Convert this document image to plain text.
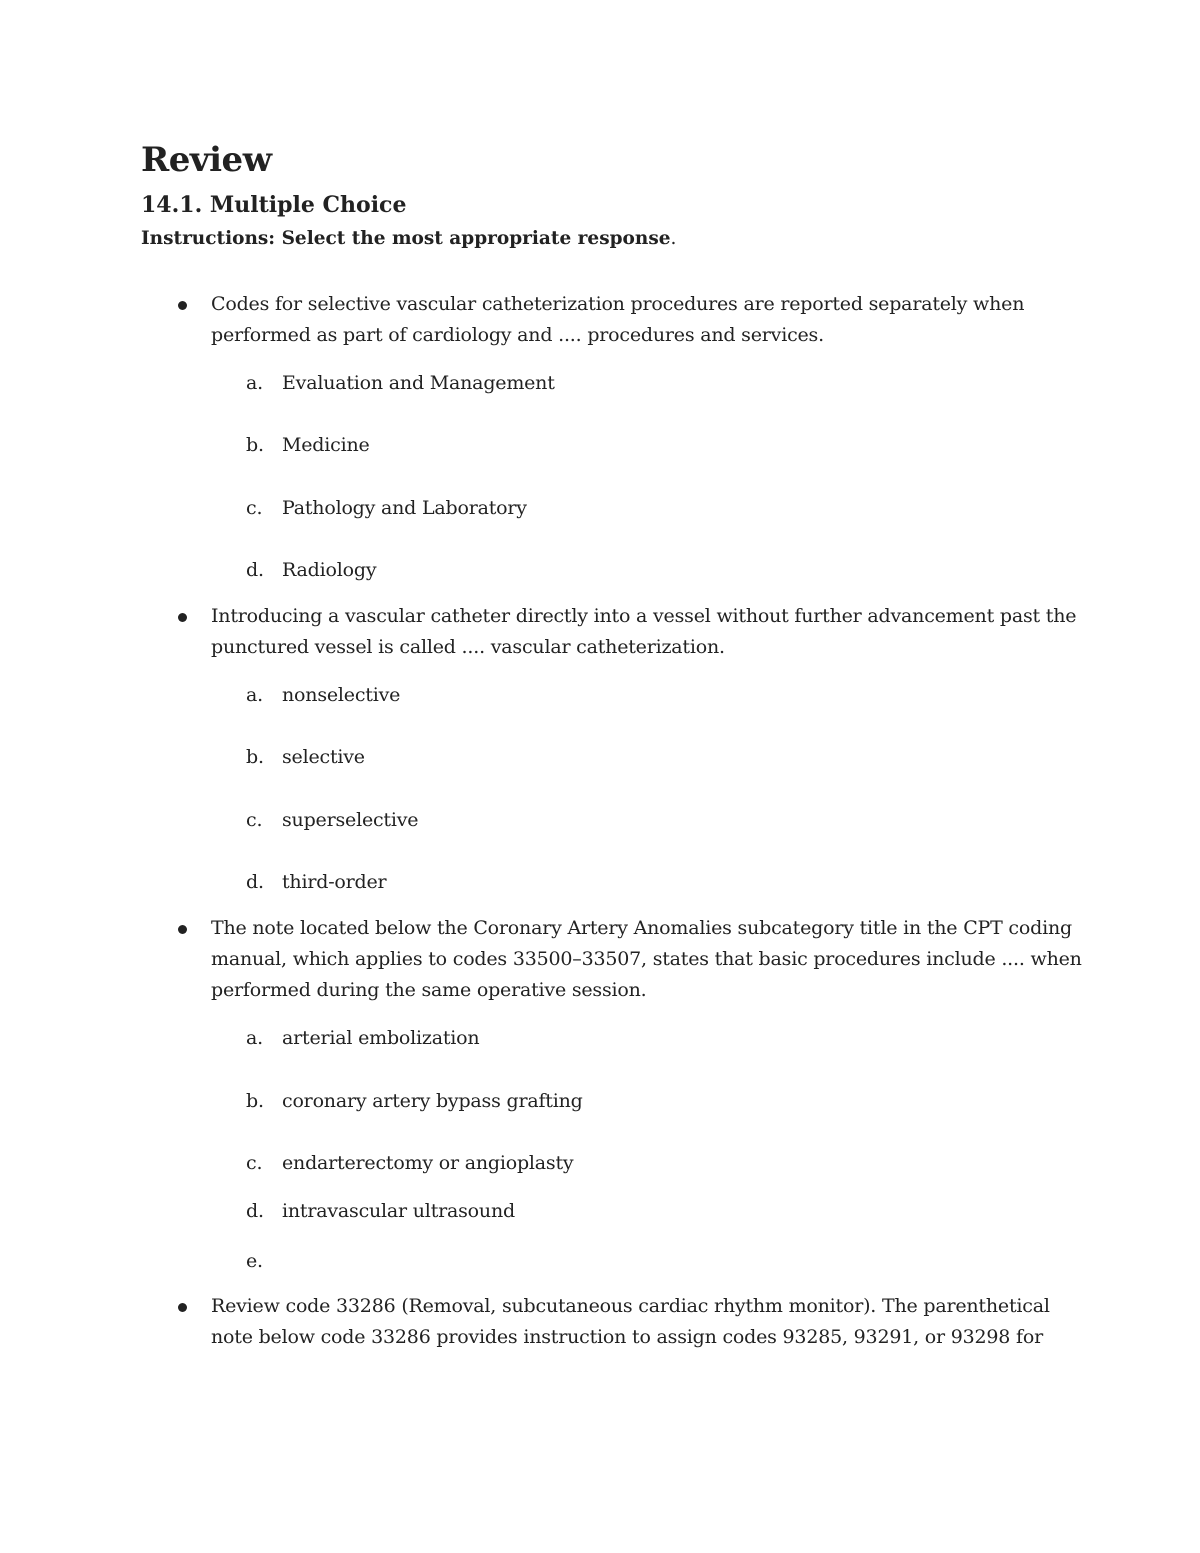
Review
14.1. Multiple Choice

Instructions: Select the most appropriate response.

Codes for selective vascular catheterization procedures are reported separately when performed as part of cardiology and .... procedures and services.
a. Evaluation and Management
b. Medicine
c. Pathology and Laboratory
d. Radiology
Introducing a vascular catheter directly into a vessel without further advancement past the punctured vessel is called .... vascular catheterization.
a. nonselective
b. selective
c. superselective
d. third-order
The note located below the Coronary Artery Anomalies subcategory title in the CPT coding manual, which applies to codes 33500–33507, states that basic procedures include .... when performed during the same operative session.
a. arterial embolization
b. coronary artery bypass grafting
c. endarterectomy or angioplasty
d. intravascular ultrasound
e.
Review code 33286 (Removal, subcutaneous cardiac rhythm monitor). The parenthetical note below code 33286 provides instruction to assign codes 93285, 93291, or 93298 for
